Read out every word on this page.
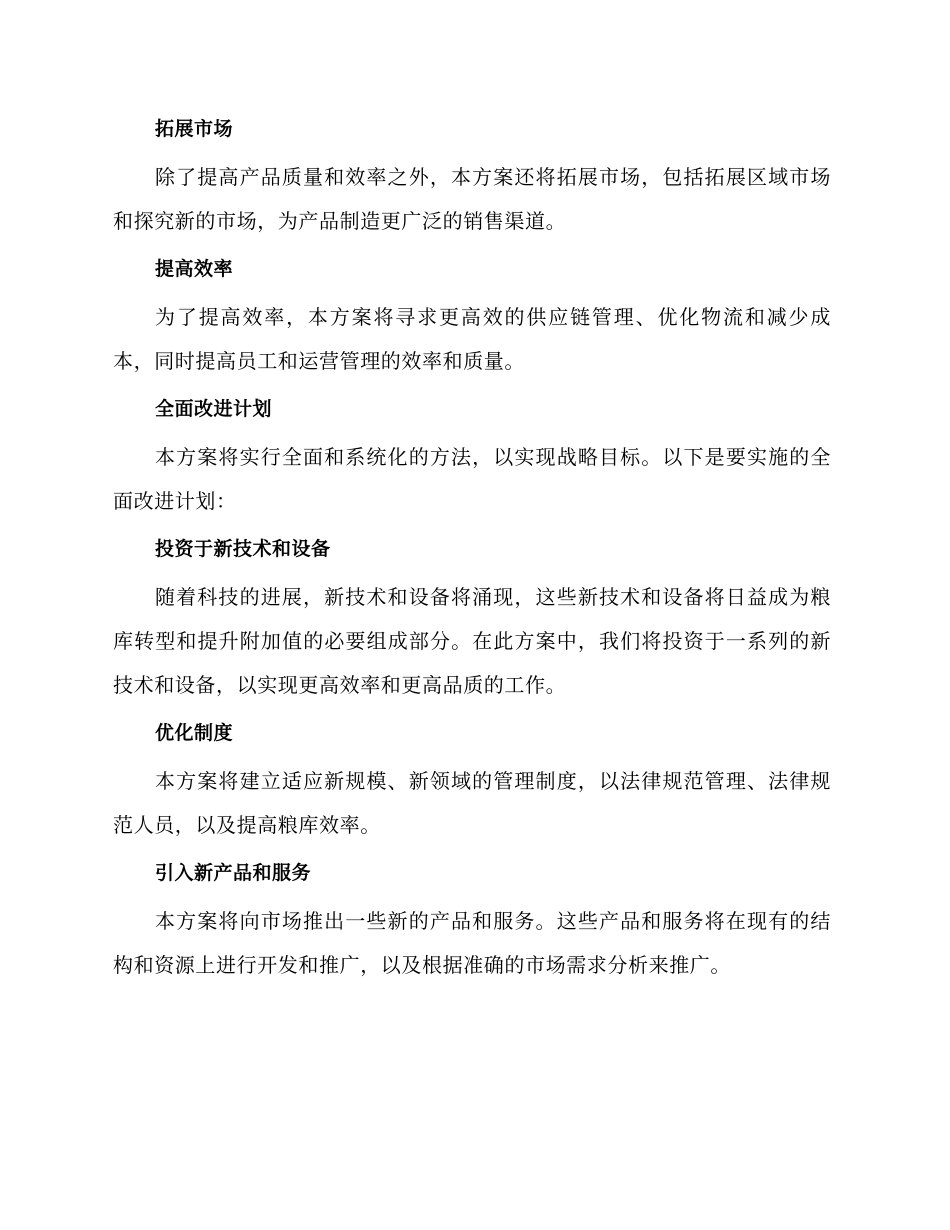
拓展市场

除了提高产品质量和效率之外，本方案还将拓展市场，包括拓展区域市场和探究新的市场，为产品制造更广泛的销售渠道。

提高效率

为了提高效率，本方案将寻求更高效的供应链管理、优化物流和减少成本，同时提高员工和运营管理的效率和质量。

全面改进计划

本方案将实行全面和系统化的方法，以实现战略目标。以下是要实施的全面改进计划：

投资于新技术和设备

随着科技的进展，新技术和设备将涌现，这些新技术和设备将日益成为粮库转型和提升附加值的必要组成部分。在此方案中，我们将投资于一系列的新技术和设备，以实现更高效率和更高品质的工作。

优化制度

本方案将建立适应新规模、新领域的管理制度，以法律规范管理、法律规范人员，以及提高粮库效率。

引入新产品和服务

本方案将向市场推出一些新的产品和服务。这些产品和服务将在现有的结构和资源上进行开发和推广，以及根据准确的市场需求分析来推广。
